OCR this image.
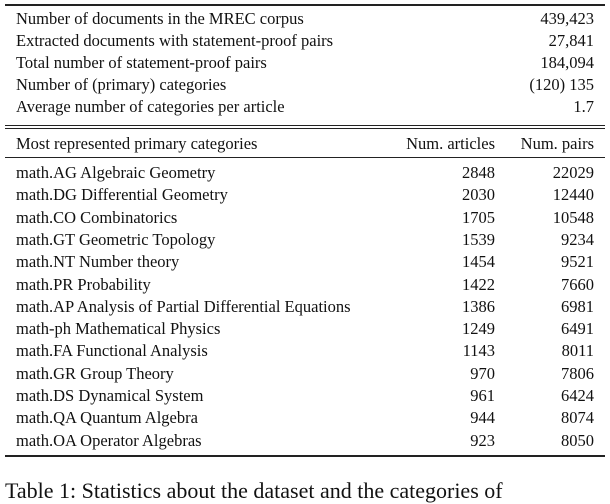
Number of documents in the MREC corpus	439,423
Extracted documents with statement-proof pairs	27,841
Total number of statement-proof pairs	184,094
Number of (primary) categories	(120) 135
Average number of categories per article	1.7
Most represented primary categories	Num. articles Num. pairs
math.AG Algebraic Geometry	2848	22029
math.DG Differential Geometry	2030	12440
math.CO Combinatorics	1705	10548
math.GT Geometric Topology	1539	9234
math.NT Number theory	1454	9521
math.PR Probability	1422	7660
math.AP Analysis of Partial Differential Equations	1386	6981
math-ph Mathematical Physics	1249	6491
math.FA Functional Analysis	1143	8011
math.GR Group Theory	970	7806
math.DS Dynamical System	961	6424
math.QA Quantum Algebra	944	8074
math.OA Operator Algebras	923	8050
Table 1: Statistics about the dataset and the categories of
